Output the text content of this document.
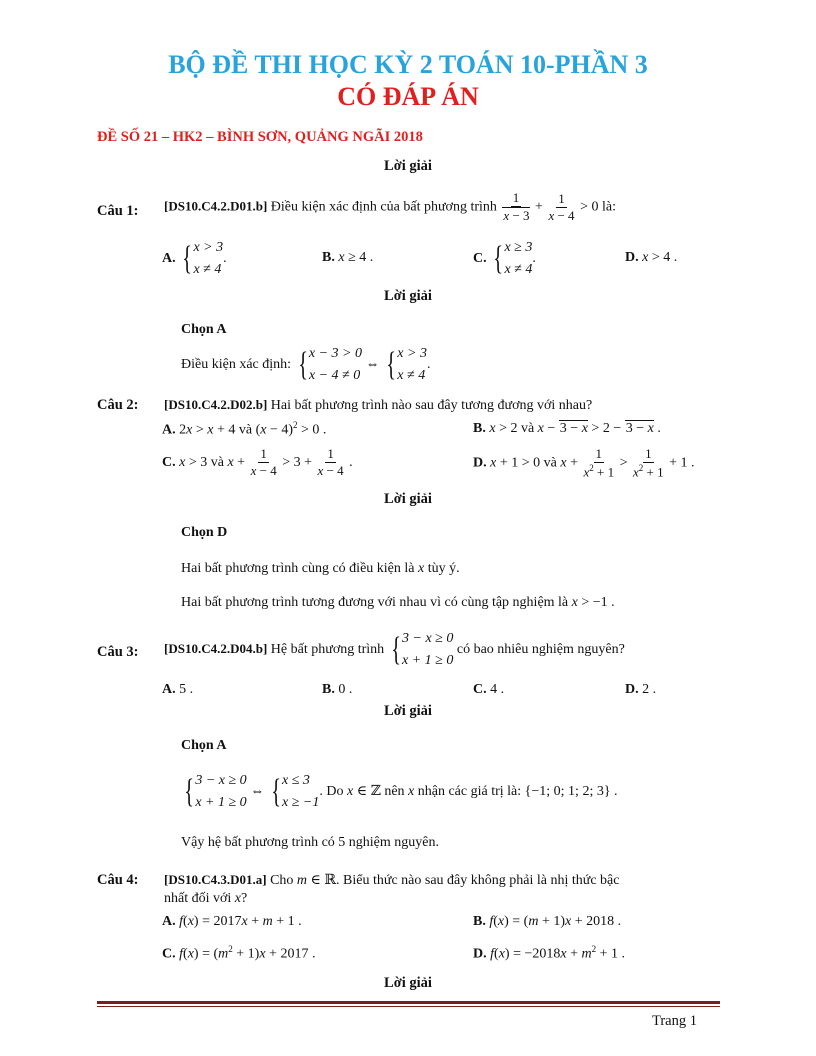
BỘ ĐỀ THI HỌC KỲ 2 TOÁN 10-PHẦN 3
CÓ ĐÁP ÁN
ĐỀ SỐ 21 – HK2 – BÌNH SƠN, QUẢNG NGÃI 2018
Lời giải
Câu 1: [DS10.C4.2.D01.b] Điều kiện xác định của bất phương trình $\frac{1}{x - 3} + \frac{1}{x - 4} > 0$ là:
A. { x > 3
x ≠ 4
.	B. x ≥ 4 .	C. { x ≥ 3
x ≠ 4
.	D. x > 4 .
Lời giải
Chọn A
Điều kiện xác định: { x − 3 > 0
x − 4 ≠ 0
⇔ { x > 3
x ≠ 4
.
Câu 2: [DS10.C4.2.D02.b] Hai bất phương trình nào sau đây tương đương với nhau?
A. 2x > x + 4 và $(x - 4)^2 > 0$ .	B. x > 2 và x − 3 − x > 2 − 3 − x .
C. x > 3 và $x + \frac{1}{x - 4} > 3 + \frac{1}{x - 4}$ .	D. x + 1 > 0 và $x + \frac{1}{x^2 + 1} > \frac{1}{x^2 + 1} + 1$ .
Lời giải
Chọn D
Hai bất phương trình cùng có điều kiện là x tùy ý.
Hai bất phương trình tương đương với nhau vì có cùng tập nghiệm là x > −1 .
Câu 3: [DS10.C4.2.D04.b] Hệ bất phương trình { 3 − x ≥ 0
x + 1 ≥ 0
có bao nhiêu nghiệm nguyên?
A. 5 .	B. 0 .	C. 4 .	D. 2 .
Lời giải
Chọn A
{ 3 − x ≥ 0
x + 1 ≥ 0
⇔ { x ≤ 3
x ≥ −1
. Do x ∈ ℤ nên x nhận các giá trị là: {−1; 0; 1; 2; 3} .
Vậy hệ bất phương trình có 5 nghiệm nguyên.
Câu 4: [DS10.C4.3.D01.a] Cho m ∈ ℝ. Biểu thức nào sau đây không phải là nhị thức bậc
nhất đối với x?
A. f(x) = 2017x + m + 1 .	B. f(x) = (m + 1)x + 2018 .
C. $f(x) = (m^2 + 1)x + 2017$ .	D. $f(x) = -2018x + m^2 + 1$ .
Lời giải
Trang 1
